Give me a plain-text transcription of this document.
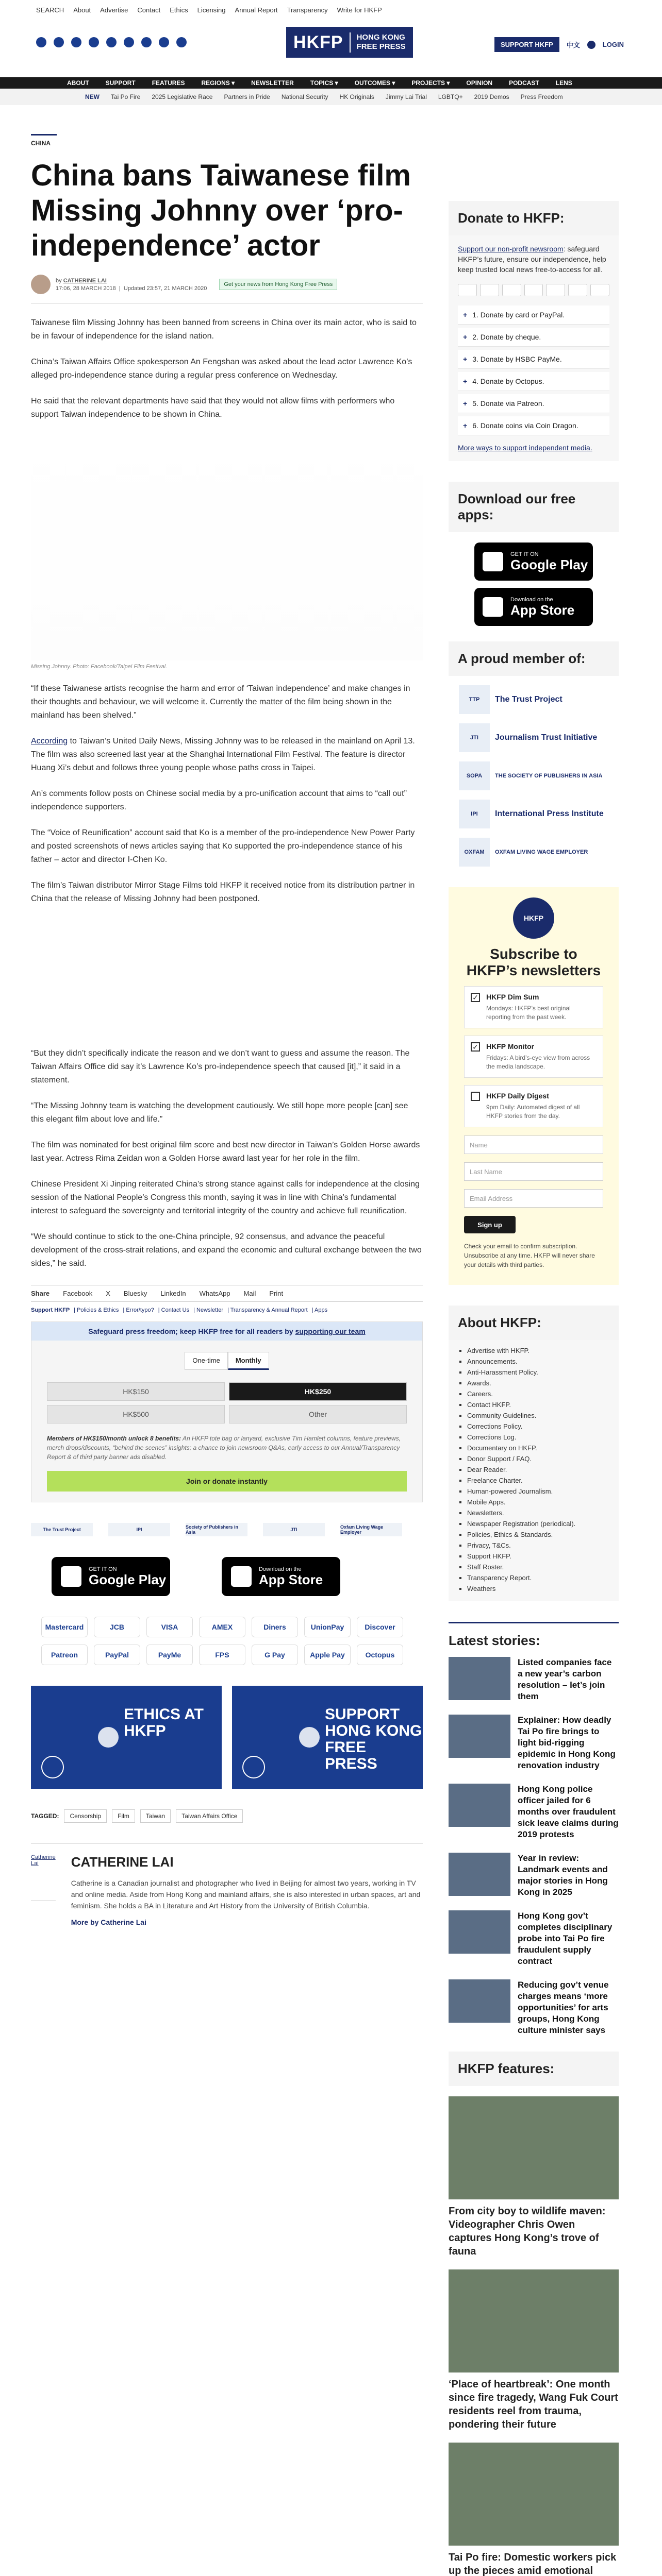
SEARCH About Advertise Contact Ethics Licensing Annual Report Transparency Write for HKFP
HKFP	HONG KONG
FREE PRESS	SUPPORT HKFP	中文	LOGIN
ABOUT	SUPPORT	FEATURES	REGIONS ▾	NEWSLETTER	TOPICS ▾	OUTCOMES ▾	PROJECTS ▾	OPINION	PODCAST	LENS
NEW Tai Po Fire 2025 Legislative Race Partners in Pride National Security HK Originals Jimmy Lai Trial LGBTQ+ 2019 Demos Press Freedom
CHINA
China bans Taiwanese film Missing Johnny over ‘pro-independence’ actor
by CATHERINE LAI
17:06, 28 MARCH 2018  |  Updated 23:57, 21 MARCH 2020
Get your news from Hong Kong Free Press

Taiwanese film Missing Johnny has been banned from screens in China over its main actor, who is said to be in favour of independence for the island nation.

China’s Taiwan Affairs Office spokesperson An Fengshan was asked about the lead actor Lawrence Ko’s alleged pro-independence stance during a regular press conference on Wednesday.

He said that the relevant departments have said that they would not allow films with performers who support Taiwan independence to be shown in China.

Missing Johnny. Photo: Facebook/Taipei Film Festival.

“If these Taiwanese artists recognise the harm and error of ‘Taiwan independence’ and make changes in their thoughts and behaviour, we will welcome it. Currently the matter of the film being shown in the mainland has been shelved.”

According to Taiwan’s United Daily News, Missing Johnny was to be released in the mainland on April 13. The film was also screened last year at the Shanghai International Film Festival. The feature is director Huang Xi’s debut and follows three young people whose paths cross in Taipei.

An’s comments follow posts on Chinese social media by a pro-unification account that aims to “call out” independence supporters.

The “Voice of Reunification” account said that Ko is a member of the pro-independence New Power Party and posted screenshots of news articles saying that Ko supported the pro-independence stance of his father – actor and director I-Chen Ko.

The film’s Taiwan distributor Mirror Stage Films told HKFP it received notice from its distribution partner in China that the release of Missing Johnny had been postponed.

“But they didn’t specifically indicate the reason and we don’t want to guess and assume the reason. The Taiwan Affairs Office did say it’s Lawrence Ko’s pro-independence speech that caused [it],” it said in a statement.

“The Missing Johnny team is watching the development cautiously. We still hope more people [can] see this elegant film about love and life.”

The film was nominated for best original film score and best new director in Taiwan’s Golden Horse awards last year. Actress Rima Zeidan won a Golden Horse award last year for her role in the film.

Chinese President Xi Jinping reiterated China’s strong stance against calls for independence at the closing session of the National People’s Congress this month, saying it was in line with China’s fundamental interest to safeguard the sovereignty and territorial integrity of the country and achieve full reunification.

“We should continue to stick to the one-China principle, 92 consensus, and advance the peaceful development of the cross-strait relations, and expand the economic and cultural exchange between the two sides,” he said.

Share Facebook X Bluesky LinkedIn WhatsApp Mail Print
Support HKFP | Policies & Ethics | Error/typo? | Contact Us | Newsletter | Transparency & Annual Report | Apps
Safeguard press freedom; keep HKFP free for all readers by supporting our team
One-time	Monthly
HK$150	HK$250
HK$500	Other

Members of HK$150/month unlock 8 benefits: An HKFP tote bag or lanyard, exclusive Tim Hamlett columns, feature previews, merch drops/discounts, “behind the scenes” insights; a chance to join newsroom Q&As, early access to our Annual/Transparency Report & of third party banner ads disabled.

Join or donate instantly
The Trust Project	IPI	Society of Publishers in Asia	JTI	Oxfam Living Wage Employer
GET IT ON
Google Play
Download on the
App Store
Mastercard	JCB	VISA	AMEX	Diners	UnionPay	Discover
Patreon	PayPal	PayMe	FPS	G Pay	Apple Pay	Octopus
ETHICS AT HKFP
SUPPORT HONG KONG FREE PRESS
TAGGED:	Censorship	Film	Taiwan	Taiwan Affairs Office
Catherine Lai	CATHERINE LAI

Catherine is a Canadian journalist and photographer who lived in Beijing for almost two years, working in TV and online media. Aside from Hong Kong and mainland affairs, she is also interested in urban spaces, art and feminism. She holds a BA in Literature and Art History from the University of British Columbia.

More by Catherine Lai

Donate to HKFP:

Support our non-profit newsroom: safeguard HKFP’s future, ensure our independence, help keep trusted local news free-to-access for all.

+ 1. Donate by card or PayPal.
+ 2. Donate by cheque.
+ 3. Donate by HSBC PayMe.
+ 4. Donate by Octopus.
+ 5. Donate via Patreon.
+ 6. Donate coins via Coin Dragon.

More ways to support independent media.

Download our free apps:
GET IT ON
Google Play
Download on the
App Store
A proud member of:
TTP	The Trust Project
JTI	Journalism Trust Initiative
SOPA	THE SOCIETY OF PUBLISHERS IN ASIA
IPI	International Press Institute
OXFAM	OXFAM LIVING WAGE EMPLOYER
HKFP
Subscribe to HKFP’s newsletters
✓ HKFP Dim Sum

Mondays: HKFP’s best original reporting from the past week.

✓ HKFP Monitor

Fridays: A bird’s-eye view from across the media landscape.

HKFP Daily Digest

9pm Daily: Automated digest of all HKFP stories from the day.

Name
Last Name
Email Address
Sign up

Check your email to confirm subscription. Unsubscribe at any time. HKFP will never share your details with third parties.

About HKFP:
▪ Advertise with HKFP.
▪ Announcements.
▪ Anti-Harassment Policy.
▪ Awards.
▪ Careers.
▪ Contact HKFP.
▪ Community Guidelines.
▪ Corrections Policy.
▪ Corrections Log.
▪ Documentary on HKFP.
▪ Donor Support / FAQ.
▪ Dear Reader.
▪ Freelance Charter.
▪ Human-powered Journalism.
▪ Mobile Apps.
▪ Newsletters.
▪ Newspaper Registration (periodical).
▪ Policies, Ethics & Standards.
▪ Privacy, T&Cs.
▪ Support HKFP.
▪ Staff Roster.
▪ Transparency Report.
▪ Weathers
Latest stories:

Listed companies face a new year’s carbon resolution – let’s join them

Explainer: How deadly Tai Po fire brings to light bid-rigging epidemic in Hong Kong renovation industry

Hong Kong police officer jailed for 6 months over fraudulent sick leave claims during 2019 protests

Year in review: Landmark events and major stories in Hong Kong in 2025

Hong Kong gov’t completes disciplinary probe into Tai Po fire fraudulent supply contract

Reducing gov’t venue charges means ‘more opportunities’ for arts groups, Hong Kong culture minister says

HKFP features:

From city boy to wildlife maven: Videographer Chris Owen captures Hong Kong’s trove of fauna

‘Place of heartbreak’: One month since fire tragedy, Wang Fuk Court residents reel from trauma, pondering their future

Tai Po fire: Domestic workers pick up the pieces amid emotional
